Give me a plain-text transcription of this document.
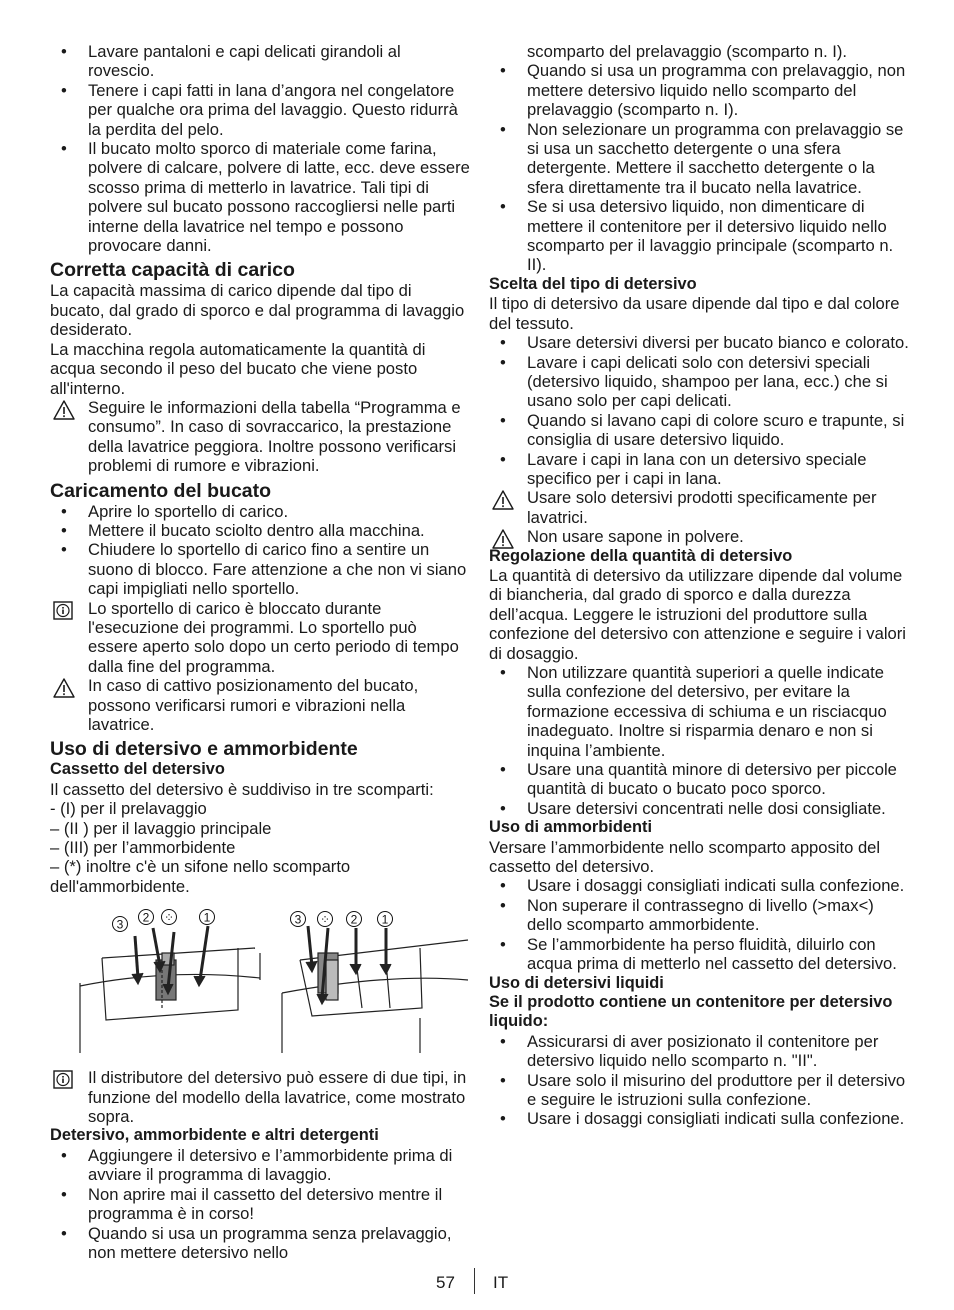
• Lavare pantaloni e capi delicati girandoli al rovescio.
• Tenere i capi fatti in lana d’angora nel congelatore per qualche ora prima del lavaggio. Questo ridurrà la perdita del pelo.
• Il bucato molto sporco di materiale come farina, polvere di calcare, polvere di latte, ecc. deve essere scosso prima di metterlo in lavatrice. Tali tipi di polvere sul bucato possono raccogliersi nelle parti interne della lavatrice nel tempo e possono provocare danni.
Corretta capacità di carico

La capacità massima di carico dipende dal tipo di bucato, dal grado di sporco e dal programma di lavaggio desiderato.

La macchina regola automaticamente la quantità di acqua secondo il peso del bucato che viene posto all'interno.

Seguire le informazioni della tabella “Programma e consumo”. In caso di sovraccarico, la prestazione della lavatrice peggiora. Inoltre possono verificarsi problemi di rumore e vibrazioni.

Caricamento del bucato
• Aprire lo sportello di carico.
• Mettere il bucato sciolto dentro alla macchina.
• Chiudere lo sportello di carico fino a sentire un suono di blocco. Fare attenzione a che non vi siano capi impigliati nello sportello.

Lo sportello di carico è bloccato durante l'esecuzione dei programmi. Lo sportello può essere aperto solo dopo un certo periodo di tempo dalla fine del programma.

In caso di cattivo posizionamento del bucato, possono verificarsi rumori e vibrazioni nella lavatrice.

Uso di detersivo e ammorbidente
Cassetto del detersivo

Il cassetto del detersivo è suddiviso in tre scomparti:

- (I) per il prelavaggio

– (II ) per il lavaggio principale

– (III) per l’ammorbidente

– (*) inoltre c'è un sifone nello scomparto dell'ammorbidente.

3 2 ⁘ 1	3 ⁘ 2 1

Il distributore del detersivo può essere di due tipi, in funzione del modello della lavatrice, come mostrato sopra.

Detersivo, ammorbidente e altri detergenti
• Aggiungere il detersivo e l’ammorbidente prima di avviare il programma di lavaggio.
• Non aprire mai il cassetto del detersivo mentre il programma è in corso!
• Quando si usa un programma senza prelavaggio, non mettere detersivo nello

scomparto del prelavaggio (scomparto n. I).

• Quando si usa un programma con prelavaggio, non mettere detersivo liquido nello scomparto del prelavaggio (scomparto n. I).
• Non selezionare un programma con prelavaggio se si usa un sacchetto detergente o una sfera detergente. Mettere il sacchetto detergente o la sfera direttamente tra il bucato nella lavatrice.
• Se si usa detersivo liquido, non dimenticare di mettere il contenitore per il detersivo liquido nello scomparto per il lavaggio principale (scomparto n. II).
Scelta del tipo di detersivo

Il tipo di detersivo da usare dipende dal tipo e dal colore del tessuto.

• Usare detersivi diversi per bucato bianco e colorato.
• Lavare i capi delicati solo con detersivi speciali (detersivo liquido, shampoo per lana, ecc.) che si usano solo per capi delicati.
• Quando si lavano capi di colore scuro e trapunte, si consiglia di usare detersivo liquido.
• Lavare i capi in lana con un detersivo speciale specifico per i capi in lana.

Usare solo detersivi prodotti specificamente per lavatrici.

Non usare sapone in polvere.

Regolazione della quantità di detersivo

La quantità di detersivo da utilizzare dipende dal volume di biancheria, dal grado di sporco e dalla durezza dell’acqua. Leggere le istruzioni del produttore sulla confezione del detersivo con attenzione e seguire i valori di dosaggio.

• Non utilizzare quantità superiori a quelle indicate sulla confezione del detersivo, per evitare la formazione eccessiva di schiuma e un risciacquo inadeguato. Inoltre si risparmia denaro e non si inquina l’ambiente.
• Usare una quantità minore di detersivo per piccole quantità di bucato o bucato poco sporco.
• Usare detersivi concentrati nelle dosi consigliate.
Uso di ammorbidenti

Versare l’ammorbidente nello scomparto apposito del cassetto del detersivo.

• Usare i dosaggi consigliati indicati sulla confezione.
• Non superare il contrassegno di livello (>max<) dello scomparto ammorbidente.
• Se l’ammorbidente ha perso fluidità, diluirlo con acqua prima di metterlo nel cassetto del detersivo.
Uso di detersivi liquidi
Se il prodotto contiene un contenitore per detersivo liquido:
• Assicurarsi di aver posizionato il contenitore per detersivo liquido nello scomparto n. "II".
• Usare solo il misurino del produttore per il detersivo e seguire le istruzioni sulla confezione.
• Usare i dosaggi consigliati indicati sulla confezione.
57 IT
